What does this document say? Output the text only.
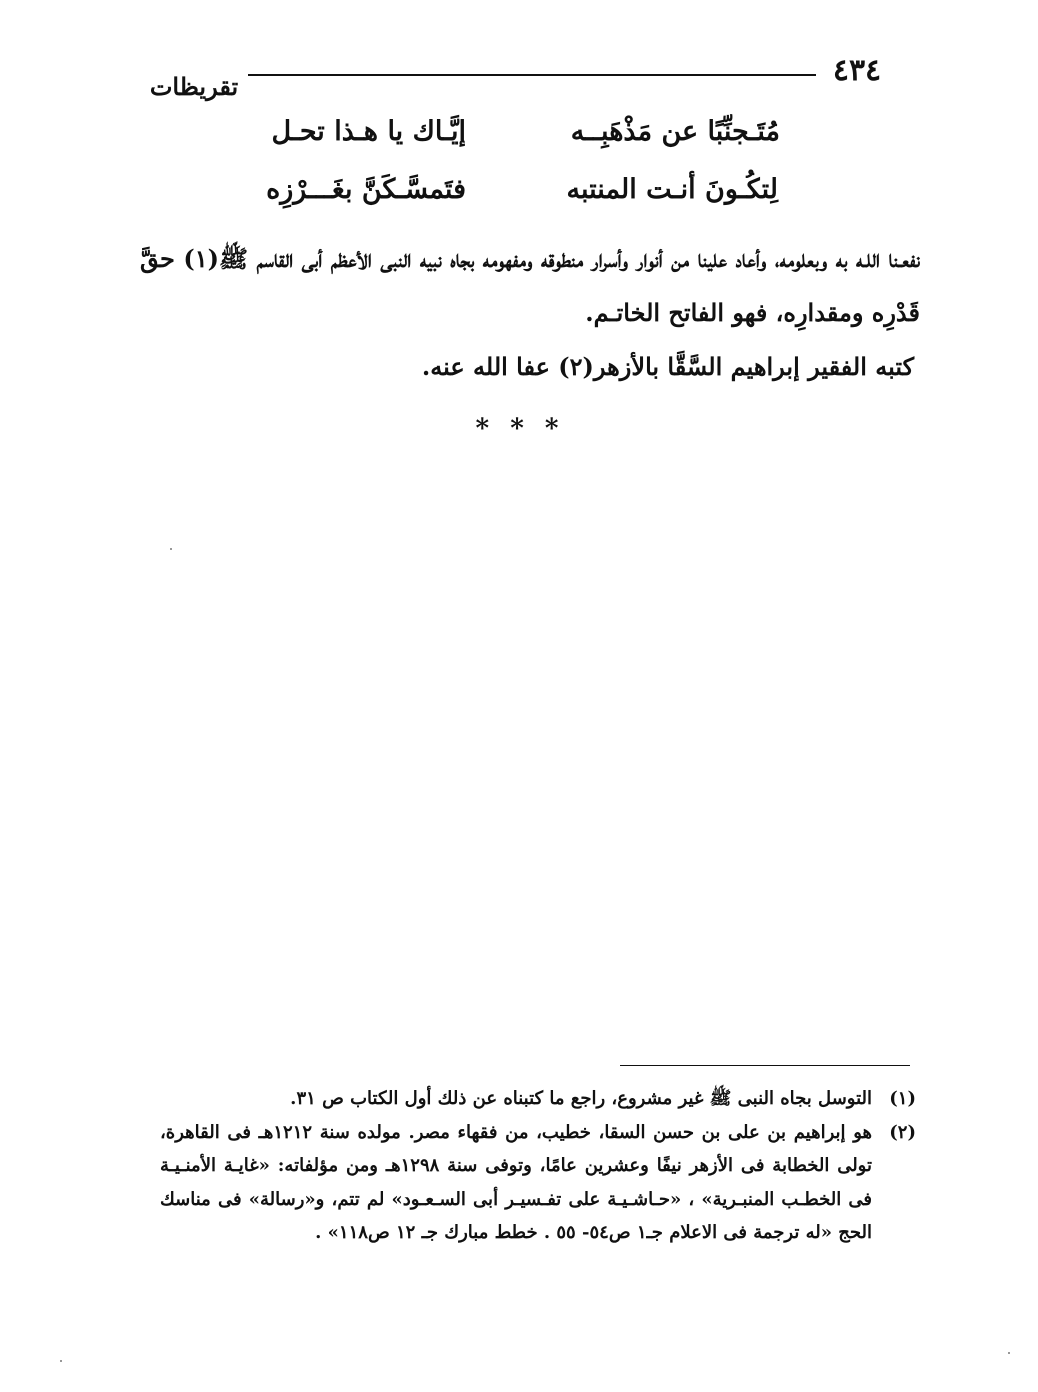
٤٣٤
تقريظات
إيَّـاك يا هـذا تحـل	مُتَـجنِّبًا عن مَذْهَبِــه
فتَمسَّـكَنَّ بغَـــرْزِه	لِتكُـونَ أنـت المنتبه

نفعـنا اللـه به وبعلومه، وأعاد علينا من أنوار وأسرار منطوقه ومفهومه بجاه نبيه النبى الأعظم أبى القاسم ﷺ(١) حقَّ قَدْرِه ومقدارِه، فهو الفاتح الخاتـم.

كتبه الفقير إبراهيم السَّقَّا بالأزهر(٢) عفا الله عنه.
* * *

(١)
التوسل بجاه النبى ﷺ غير مشروع، راجع ما كتبناه عن ذلك أول الكتاب ص ٣١.

(٢)
هو إبراهيم بن على بن حسن السقا، خطيب، من فقهاء مصر. مولده سنة ١٢١٢هـ فى القاهرة، تولى الخطابة فى الأزهر نيفًا وعشرين عامًا، وتوفى سنة ١٢٩٨هـ ومن مؤلفاته: «غايـة الأمنـيـة فى الخطـب المنبـرية» ، «حـاشـيـة على تفـسيـر أبى السـعـود» لم تتم، و«رسالة» فى مناسك الحج «له ترجمة فى الاعلام جـ١ ص٥٤- ٥٥ . خطط مبارك جـ ١٢ ص١١٨» .
